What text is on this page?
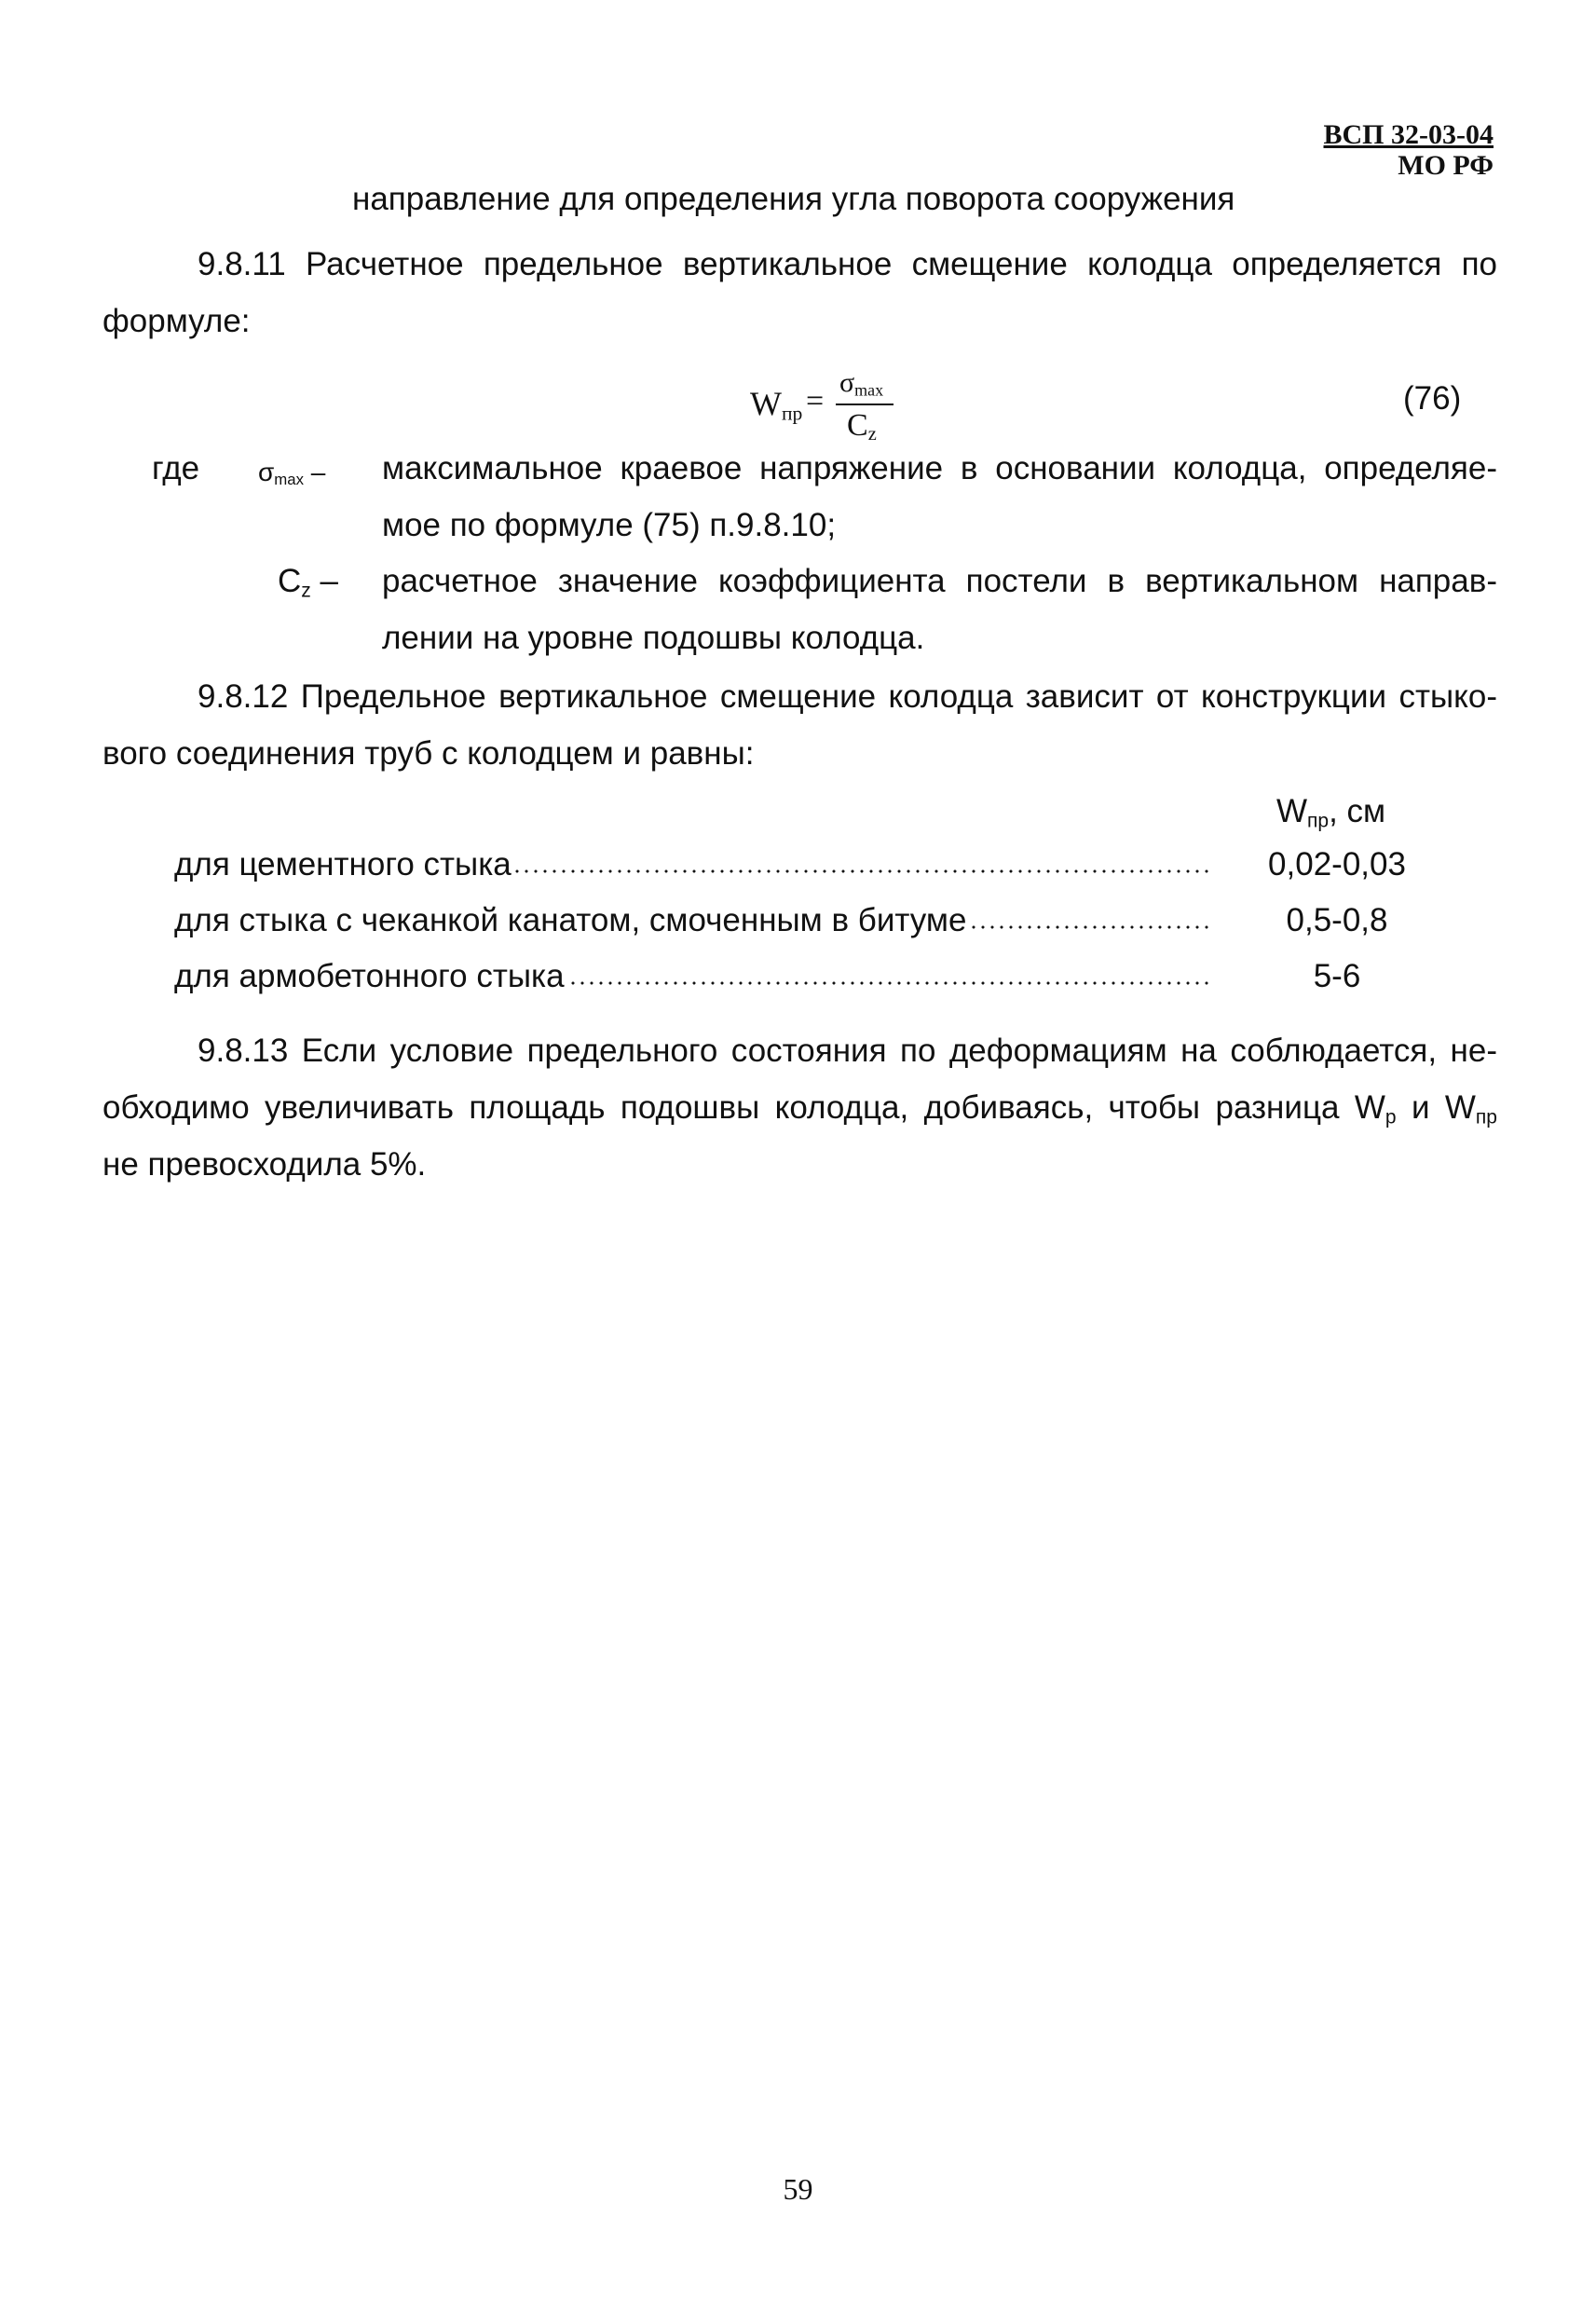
ВСП 32-03-04
МО РФ
направление для определения угла поворота сооружения
9.8.11 Расчетное предельное вертикальное смещение колодца определяется по
формуле:
$W_{пр}$ =
$\sigma_{max}$
$C_z$
(76)
где $\sigma_{max}$ – максимальное краевое напряжение в основании колодца, определяе-
мое по формуле (75) п.9.8.10;
$C_z$ – расчетное значение коэффициента постели в вертикальном направ-
лении на уровне подошвы колодца.
9.8.12 Предельное вертикальное смещение колодца зависит от конструкции стыко-
вого соединения труб с колодцем и равны:
$W_{пр}$, см
для цементного стыка	0,02-0,03
для стыка с чеканкой канатом, смоченным в битуме	0,5-0,8
для армобетонного стыка	5-6
9.8.13 Если условие предельного состояния по деформациям на соблюдается, не-
обходимо увеличивать площадь подошвы колодца, добиваясь, чтобы разница $W_р$ и $W_{пр}$
не превосходила 5%.
59
